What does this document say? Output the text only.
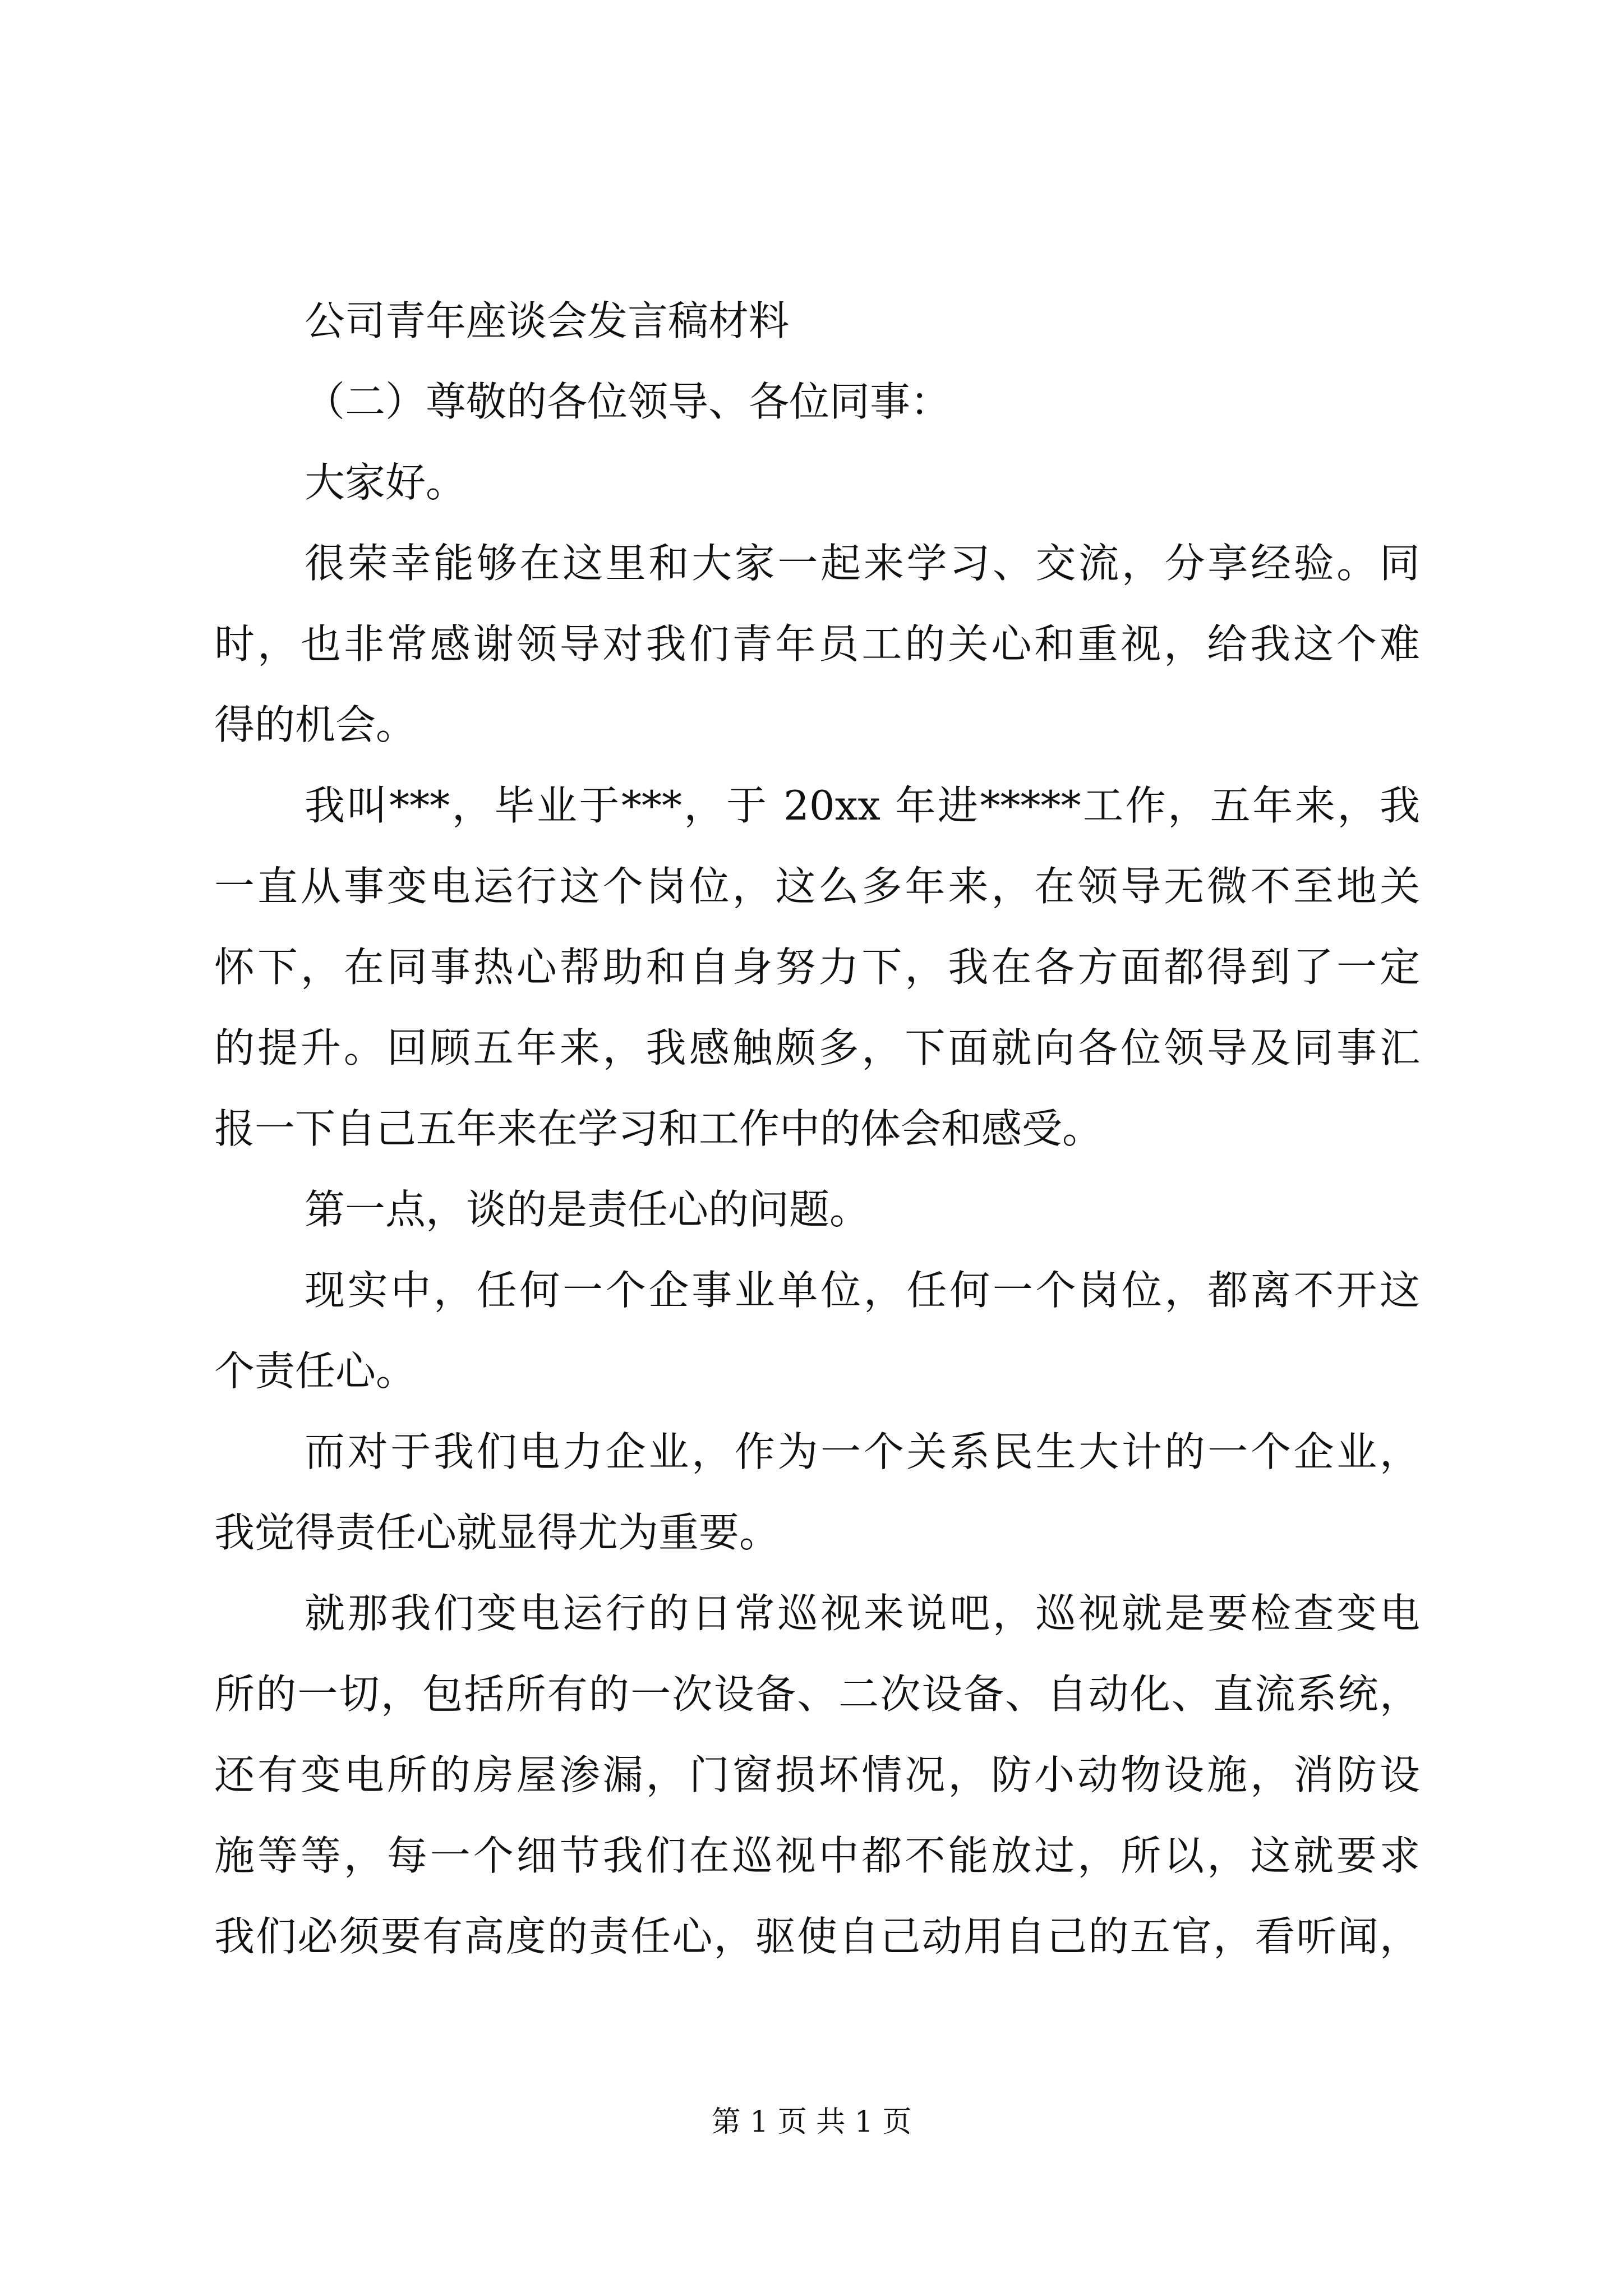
公司青年座谈会发言稿材料
（二）尊敬的各位领导、各位同事：
大家好。
很荣幸能够在这里和大家一起来学习、交流，分享经验。同
时，也非常感谢领导对我们青年员工的关心和重视，给我这个难
得的机会。
我叫***，毕业于***，于 20xx 年进*****工作，五年来，我
一直从事变电运行这个岗位，这么多年来，在领导无微不至地关
怀下，在同事热心帮助和自身努力下，我在各方面都得到了一定
的提升。回顾五年来，我感触颇多，下面就向各位领导及同事汇
报一下自己五年来在学习和工作中的体会和感受。
第一点，谈的是责任心的问题。
现实中，任何一个企事业单位，任何一个岗位，都离不开这
个责任心。
而对于我们电力企业，作为一个关系民生大计的一个企业，
我觉得责任心就显得尤为重要。
就那我们变电运行的日常巡视来说吧，巡视就是要检查变电
所的一切，包括所有的一次设备、二次设备、自动化、直流系统，
还有变电所的房屋渗漏，门窗损坏情况，防小动物设施，消防设
施等等，每一个细节我们在巡视中都不能放过，所以，这就要求
我们必须要有高度的责任心，驱使自己动用自己的五官，看听闻，
第 1 页 共 1 页
